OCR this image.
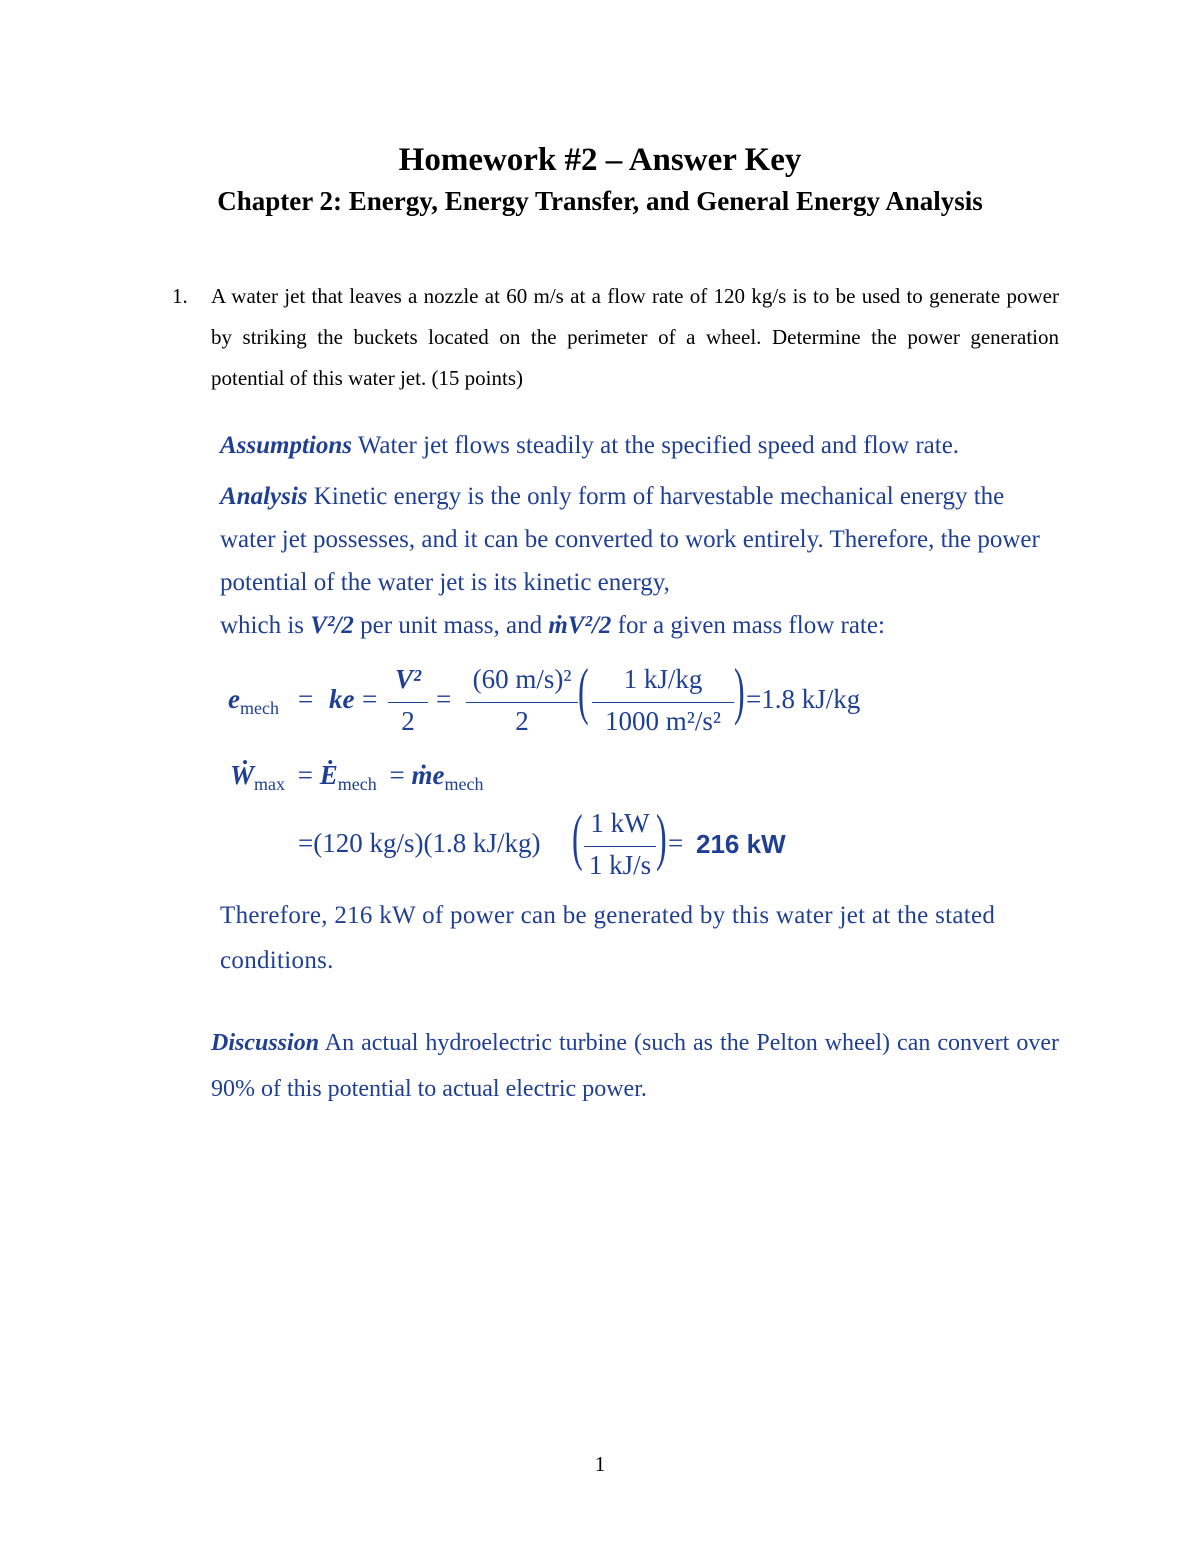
Homework #2 – Answer Key
Chapter 2: Energy, Energy Transfer, and General Energy Analysis
1. A water jet that leaves a nozzle at 60 m/s at a flow rate of 120 kg/s is to be used to generate power by striking the buckets located on the perimeter of a wheel. Determine the power generation potential of this water jet. (15 points)
Assumptions Water jet flows steadily at the specified speed and flow rate.
Analysis Kinetic energy is the only form of harvestable mechanical energy the water jet possesses, and it can be converted to work entirely. Therefore, the power potential of the water jet is its kinetic energy,
which is V²/2 per unit mass, and ṁV²/2 for a given mass flow rate:
$e_{mech}$ = ke =
V²
2
=
(60 m/s)²
2 (	1 kJ/kg
1000 m²/s² ) =1.8 kJ/kg
Ẇ$_{max}$ = $Ė_{mech}$ = ṁe$_{mech}$
=(120 kg/s)(1.8 kJ/kg) ( 1 kW
1 kJ/s ) = 216 kW
Therefore, 216 kW of power can be generated by this water jet at the stated conditions.
Discussion An actual hydroelectric turbine (such as the Pelton wheel) can convert over 90% of this potential to actual electric power.
1
